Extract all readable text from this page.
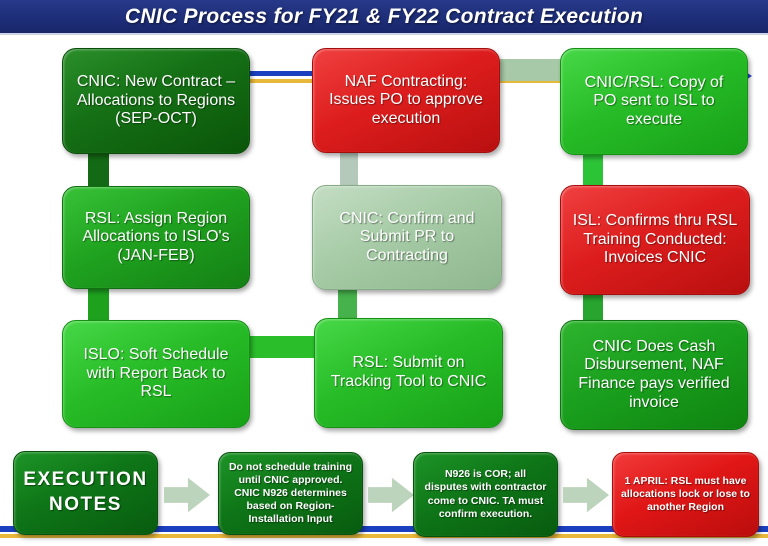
CNIC Process for FY21 & FY22 Contract Execution
CNIC: New Contract – Allocations to Regions (SEP-OCT)
NAF Contracting: Issues PO to approve execution
CNIC/RSL: Copy of PO sent to ISL to execute
RSL: Assign Region Allocations to ISLO's (JAN-FEB)
CNIC: Confirm and Submit PR to Contracting
ISL: Confirms thru RSL Training Conducted: Invoices CNIC
ISLO: Soft Schedule with Report Back to RSL
RSL: Submit on Tracking Tool to CNIC
CNIC Does Cash Disbursement, NAF Finance pays verified invoice
EXECUTION NOTES
Do not schedule training until CNIC approved. CNIC N926 determines based on Region-Installation Input
N926 is COR; all disputes with contractor come to CNIC. TA must confirm execution.
1 APRIL: RSL must have allocations lock or lose to another Region
